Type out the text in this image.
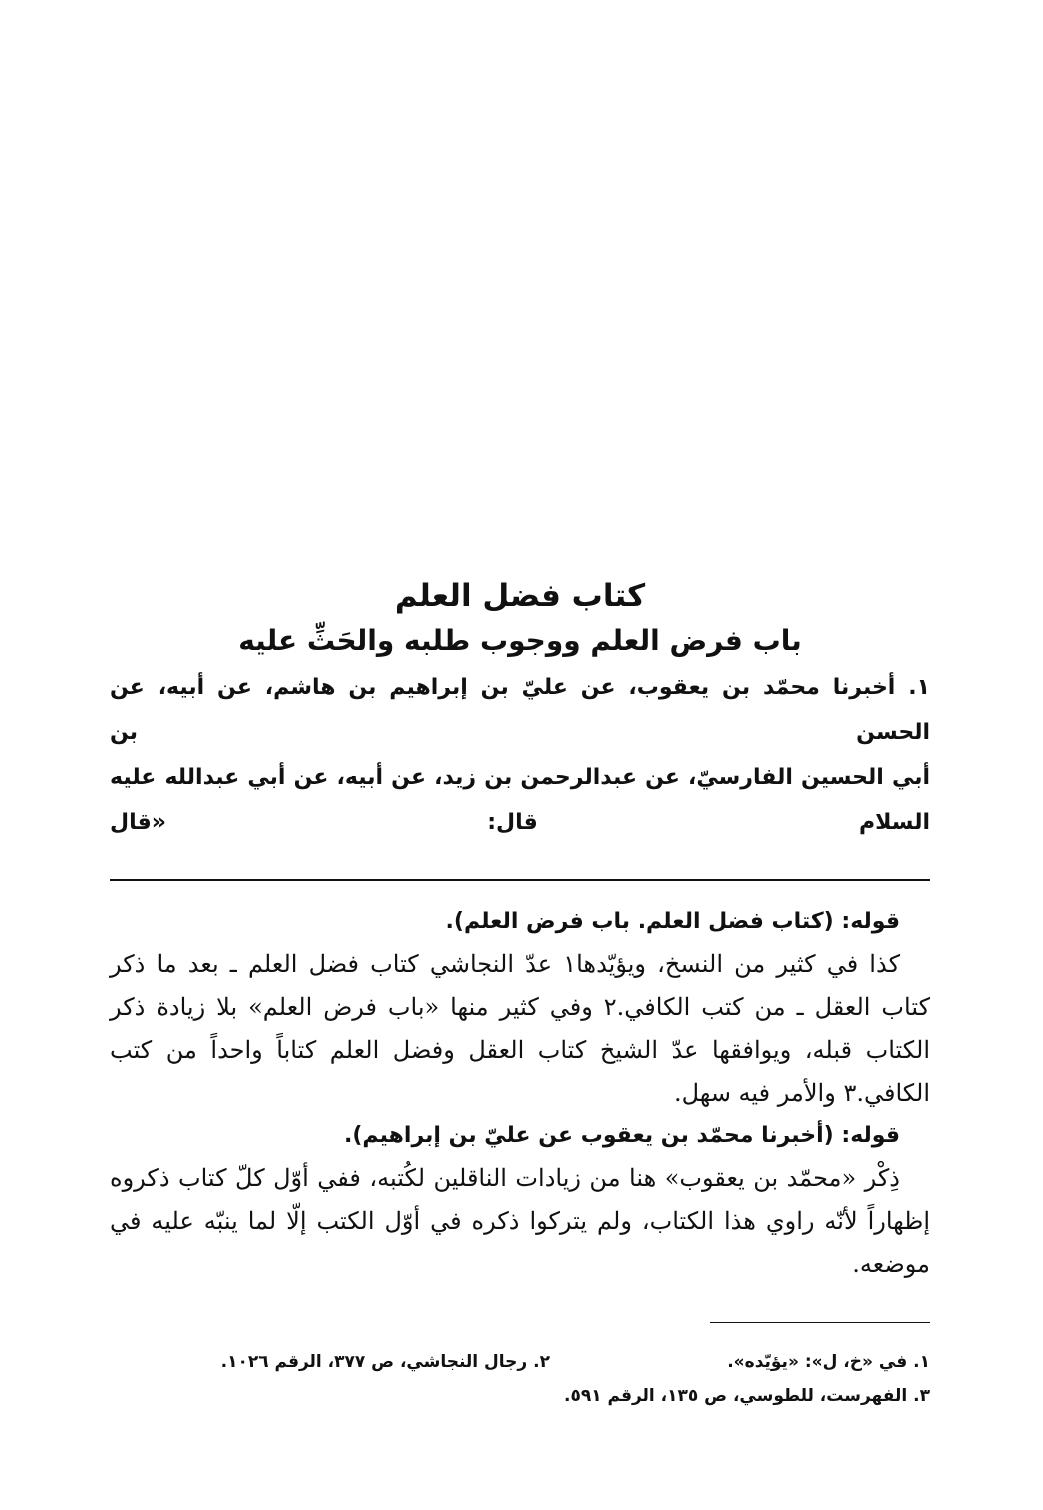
كتاب فضل العلم
باب فرض العلم ووجوب طلبه والحَثِّ عليه
١. أخبرنا محمّد بن يعقوب، عن عليّ بن إبراهيم بن هاشم، عن أبيه، عن الحسن بن
أبي الحسين الفارسيّ، عن عبدالرحمن بن زيد، عن أبيه، عن أبي عبدالله عليه السلام قال: «قال
قوله: (كتاب فضل العلم. باب فرض العلم).

كذا في كثير من النسخ، ويؤيّدها١ عدّ النجاشي كتاب فضل العلم ـ بعد ما ذكر كتاب العقل ـ من كتب الكافي.٢ وفي كثير منها «باب فرض العلم» بلا زيادة ذكر الكتاب قبله، ويوافقها عدّ الشيخ كتاب العقل وفضل العلم كتاباً واحداً من كتب الكافي.٣ والأمر فيه سهل.

قوله: (أخبرنا محمّد بن يعقوب عن عليّ بن إبراهيم).

ذِكْر «محمّد بن يعقوب» هنا من زيادات الناقلين لكُتبه، ففي أوّل كلّ كتاب ذكروه إظهاراً لأنّه راوي هذا الكتاب، ولم يتركوا ذكره في أوّل الكتب إلّا لما ينبّه عليه في موضعه.

١. في «خ، ل»: «يؤيّده».
٢. رجال النجاشي، ص ٣٧٧، الرقم ١٠٢٦.
٣. الفهرست، للطوسي، ص ١٣٥، الرقم ٥٩١.
